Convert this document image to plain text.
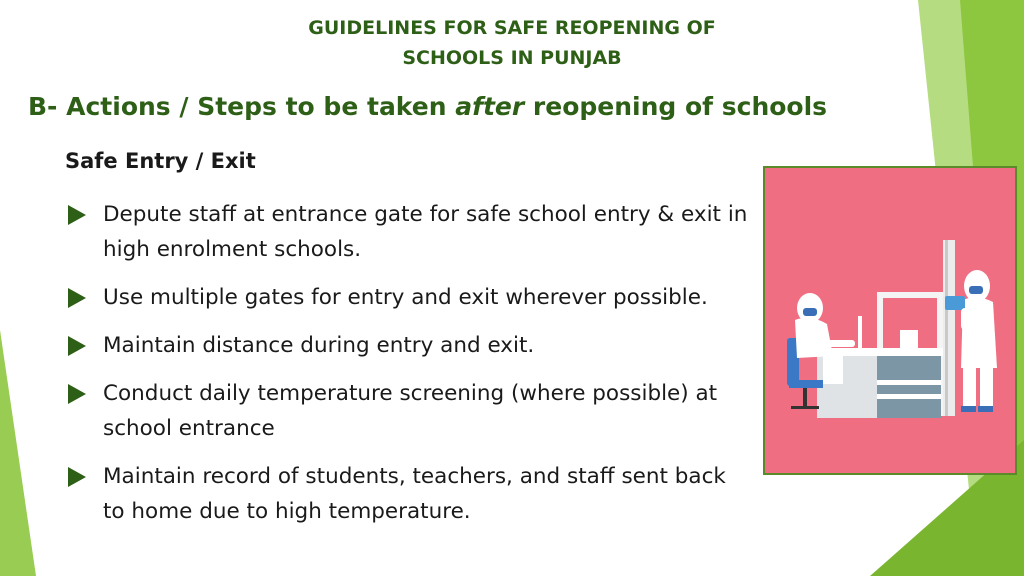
GUIDELINES FOR SAFE REOPENING OF
SCHOOLS IN PUNJAB
B- Actions / Steps to be taken after reopening of schools
Safe Entry / Exit
Depute staff at entrance gate for safe school entry & exit in high enrolment schools.
Use multiple gates for entry and exit wherever possible.
Maintain distance during entry and exit.
Conduct daily temperature screening (where possible) at school entrance
Maintain record of students, teachers, and staff sent back to home due to high temperature.
